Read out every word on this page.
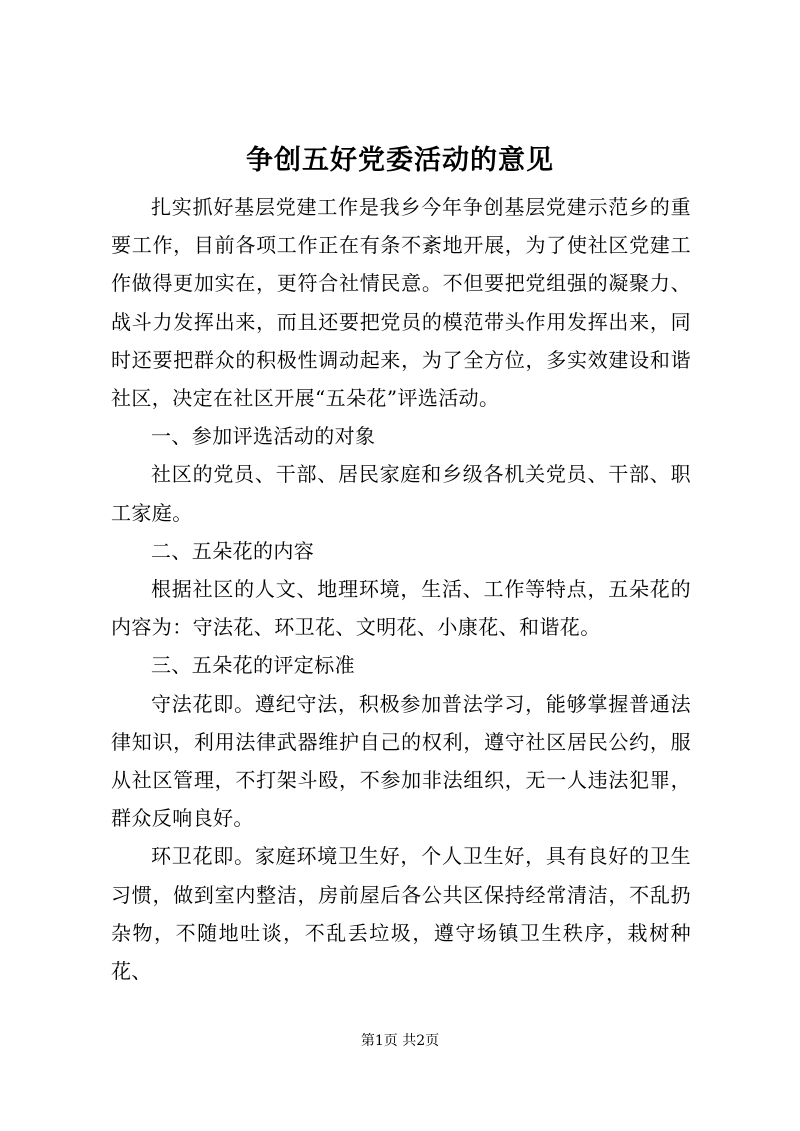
争创五好党委活动的意见

扎实抓好基层党建工作是我乡今年争创基层党建示范乡的重要工作，目前各项工作正在有条不紊地开展，为了使社区党建工作做得更加实在，更符合社情民意。不但要把党组强的凝聚力、战斗力发挥出来，而且还要把党员的模范带头作用发挥出来，同时还要把群众的积极性调动起来，为了全方位，多实效建设和谐社区，决定在社区开展“五朵花”评选活动。

一、参加评选活动的对象

社区的党员、干部、居民家庭和乡级各机关党员、干部、职工家庭。

二、五朵花的内容

根据社区的人文、地理环境，生活、工作等特点，五朵花的内容为：守法花、环卫花、文明花、小康花、和谐花。

三、五朵花的评定标准

守法花即。遵纪守法，积极参加普法学习，能够掌握普通法律知识，利用法律武器维护自己的权利，遵守社区居民公约，服从社区管理，不打架斗殴，不参加非法组织，无一人违法犯罪，群众反响良好。

环卫花即。家庭环境卫生好，个人卫生好，具有良好的卫生习惯，做到室内整洁，房前屋后各公共区保持经常清洁，不乱扔杂物，不随地吐谈，不乱丢垃圾，遵守场镇卫生秩序，栽树种花、

第1页 共2页
